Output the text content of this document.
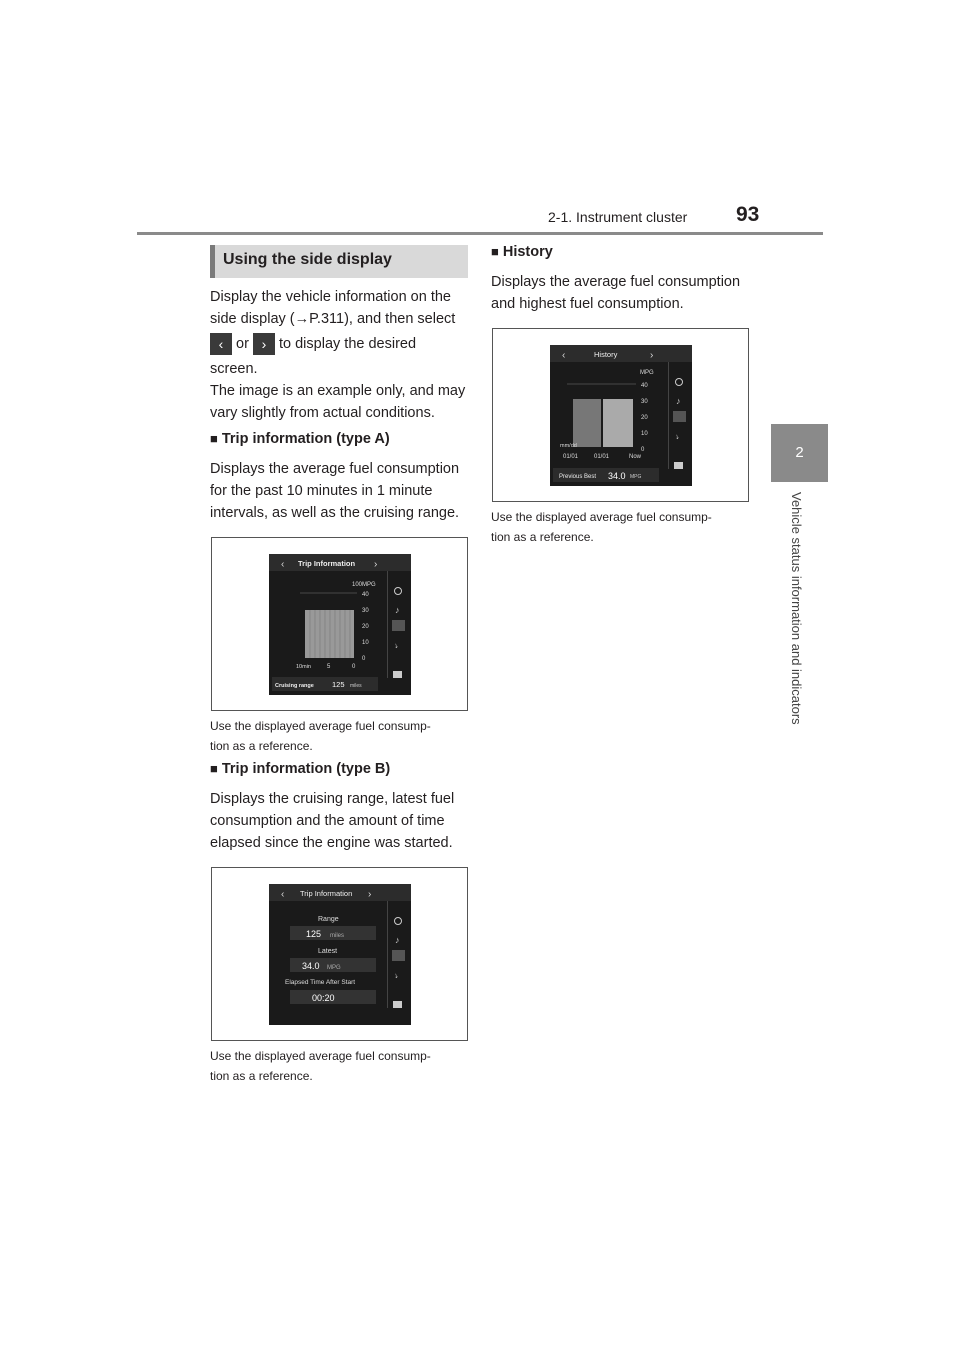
2-1. Instrument cluster 93
2
Vehicle status information and indicators
Using the side display
Display the vehicle information on the
side display (→P.311), and then select
‹ or › to display the desired
screen.
The image is an example only, and may
vary slightly from actual conditions.
■ Trip information (type A)
Displays the average fuel consumption
for the past 10 minutes in 1 minute
intervals, as well as the cruising range.
‹	›
Trip Information
100MPG
40
30
20
10
0
10min	5	0
Cruising range 125 miles
♪
⭏
Use the displayed average fuel consump-
tion as a reference.
■ Trip information (type B)
Displays the cruising range, latest fuel
consumption and the amount of time
elapsed since the engine was started.
‹	›
Trip Information
Range
125 miles
Latest
34.0 MPG
Elapsed Time After Start
00:20
♪
⭏
Use the displayed average fuel consump-
tion as a reference.
■ History
Displays the average fuel consumption
and highest fuel consumption.
‹	›
History
MPG
40
30
20
10
0
mm/dd
01/01	01/01	Now
Previous Best 34.0 MPG
♪
⭏
Use the displayed average fuel consump-
tion as a reference.
